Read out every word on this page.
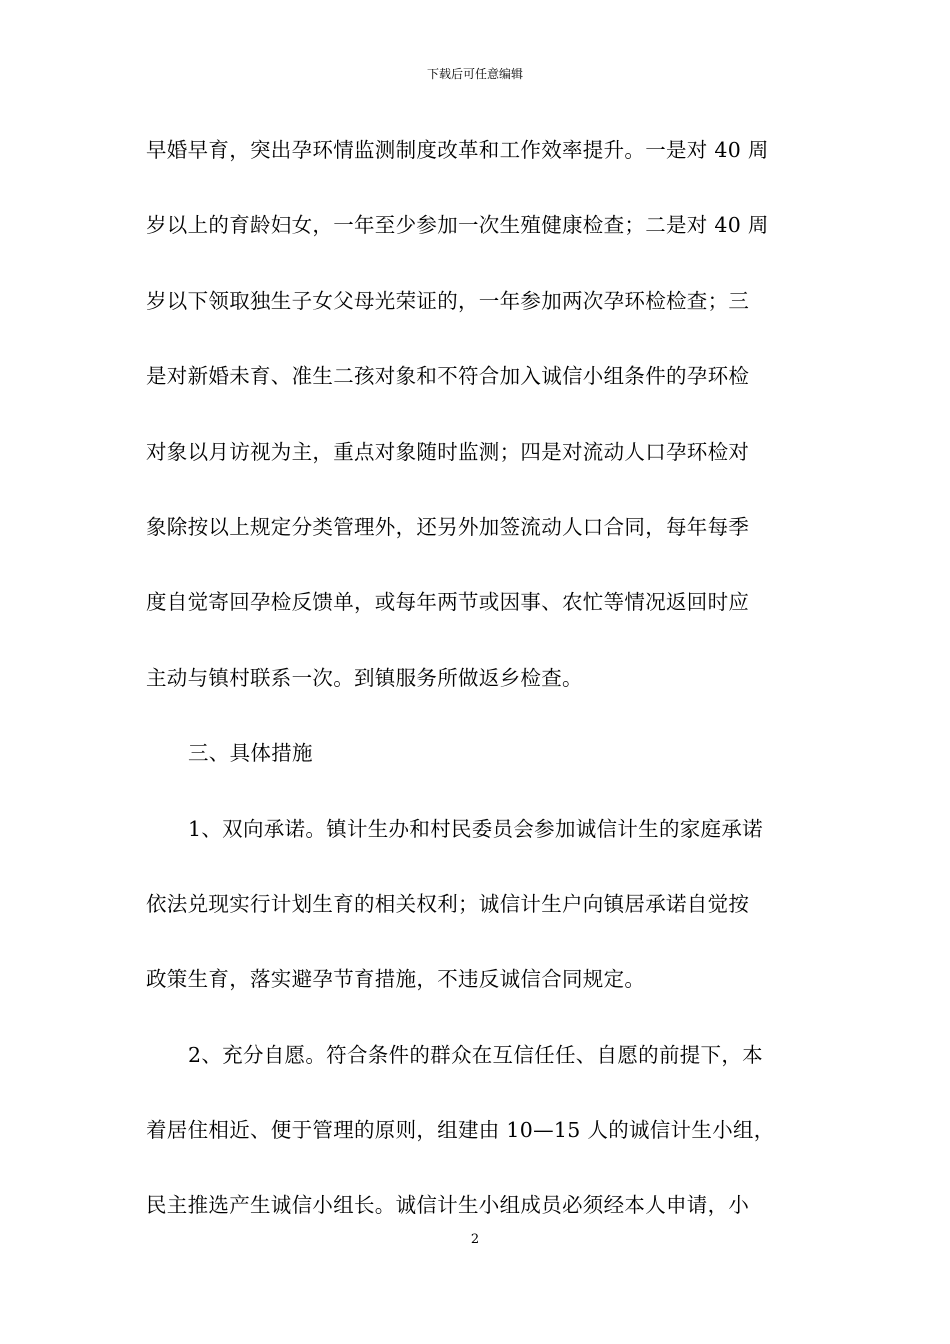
下载后可任意编辑
早婚早育，突出孕环情监测制度改革和工作效率提升。一是对 40 周
岁以上的育龄妇女，一年至少参加一次生殖健康检查；二是对 40 周
岁以下领取独生子女父母光荣证的，一年参加两次孕环检检查；三
是对新婚未育、准生二孩对象和不符合加入诚信小组条件的孕环检
对象以月访视为主，重点对象随时监测；四是对流动人口孕环检对
象除按以上规定分类管理外，还另外加签流动人口合同，每年每季
度自觉寄回孕检反馈单，或每年两节或因事、农忙等情况返回时应
主动与镇村联系一次。到镇服务所做返乡检查。
三、具体措施
1、双向承诺。镇计生办和村民委员会参加诚信计生的家庭承诺
依法兑现实行计划生育的相关权利；诚信计生户向镇居承诺自觉按
政策生育，落实避孕节育措施，不违反诚信合同规定。
2、充分自愿。符合条件的群众在互信任任、自愿的前提下，本
着居住相近、便于管理的原则，组建由 10—15 人的诚信计生小组，
民主推选产生诚信小组长。诚信计生小组成员必须经本人申请，小
2
